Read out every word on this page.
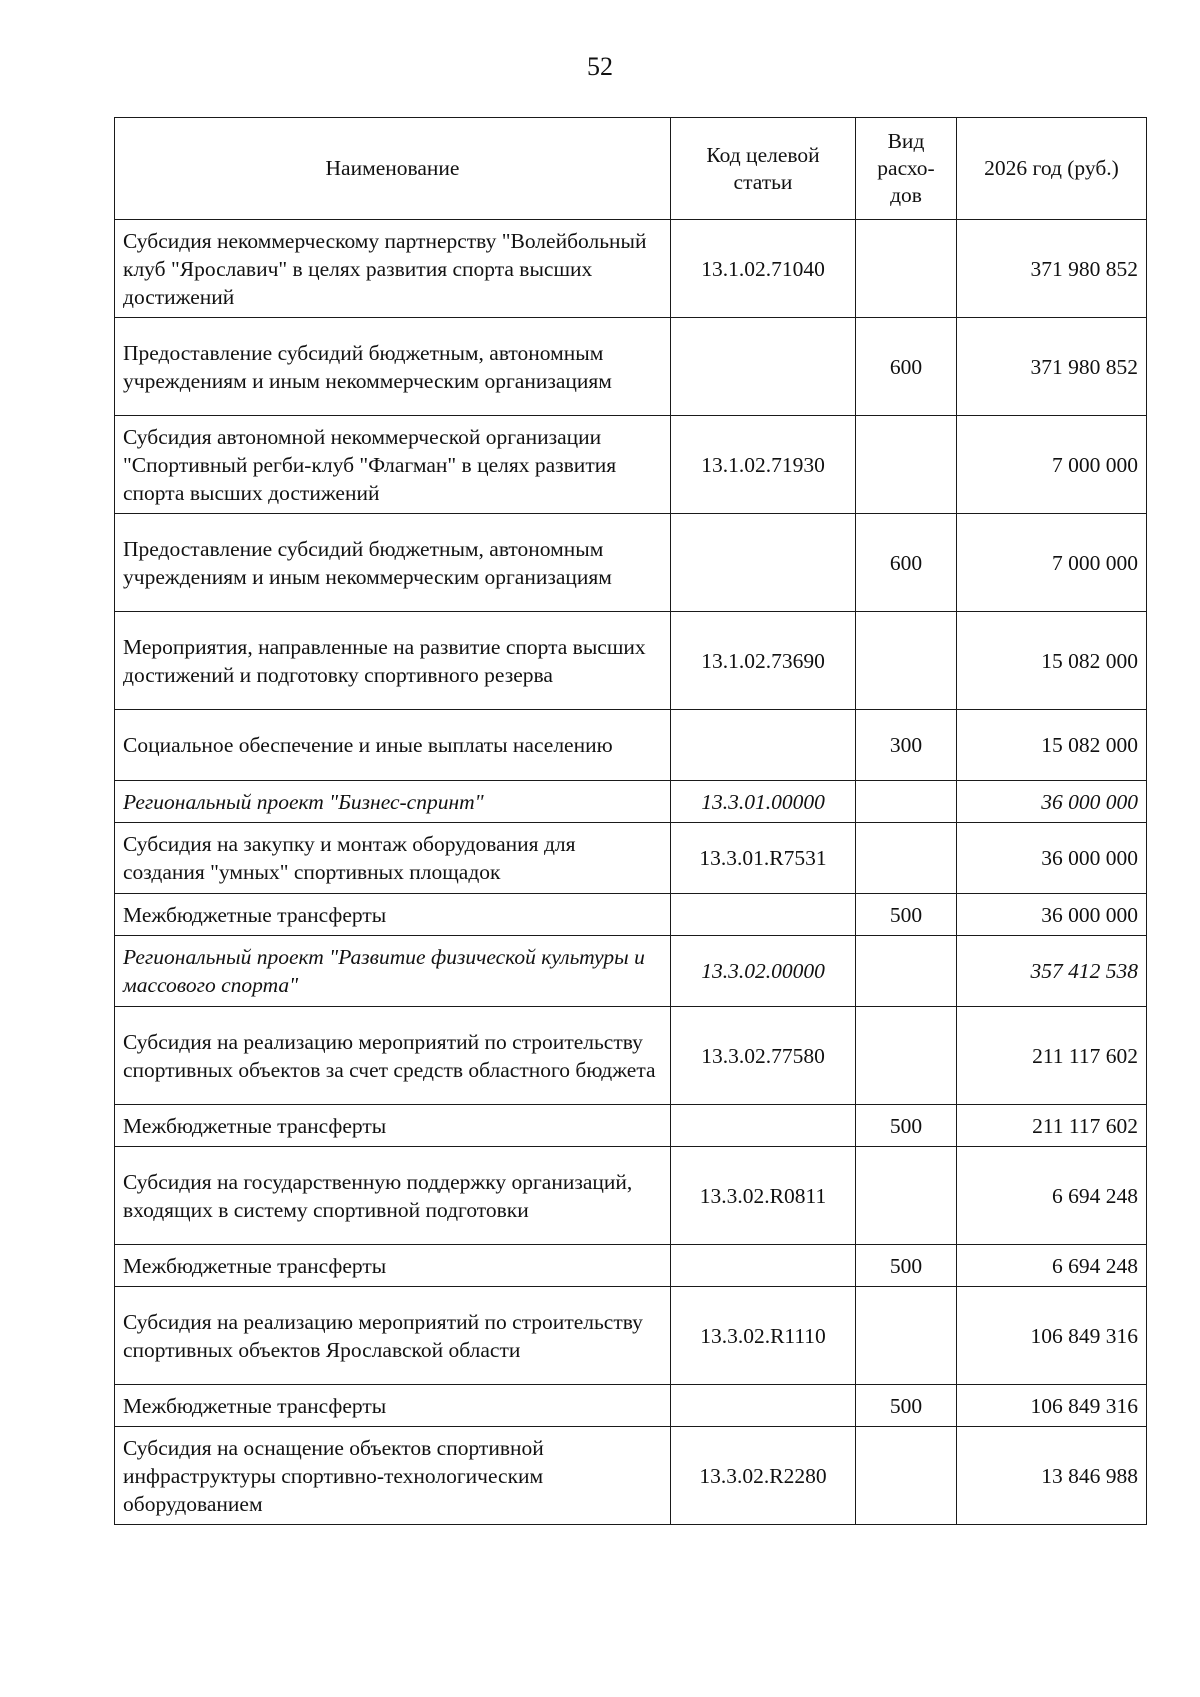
52
Наименование	Код целевой статьи	Вид расхо- дов	2026 год (руб.)
Субсидия некоммерческому партнерству "Волейбольный клуб "Ярославич" в целях развития спорта высших достижений	13.1.02.71040		371 980 852
Предоставление субсидий бюджетным, автономным учреждениям и иным некоммерческим организациям		600	371 980 852
Субсидия автономной некоммерческой организации "Спортивный регби-клуб "Флагман" в целях развития спорта высших достижений	13.1.02.71930		7 000 000
Предоставление субсидий бюджетным, автономным учреждениям и иным некоммерческим организациям		600	7 000 000
Мероприятия, направленные на развитие спорта высших достижений и подготовку спортивного резерва	13.1.02.73690		15 082 000
Социальное обеспечение и иные выплаты населению		300	15 082 000
Региональный проект "Бизнес-спринт"	13.3.01.00000		36 000 000
Субсидия на закупку и монтаж оборудования для создания "умных" спортивных площадок	13.3.01.R7531		36 000 000
Межбюджетные трансферты		500	36 000 000
Региональный проект "Развитие физической культуры и массового спорта"	13.3.02.00000		357 412 538
Субсидия на реализацию мероприятий по строительству спортивных объектов за счет средств областного бюджета	13.3.02.77580		211 117 602
Межбюджетные трансферты		500	211 117 602
Субсидия на государственную поддержку организаций, входящих в систему спортивной подготовки	13.3.02.R0811		6 694 248
Межбюджетные трансферты		500	6 694 248
Субсидия на реализацию мероприятий по строительству спортивных объектов Ярославской области	13.3.02.R1110		106 849 316
Межбюджетные трансферты		500	106 849 316
Субсидия на оснащение объектов спортивной инфраструктуры спортивно-технологическим оборудованием	13.3.02.R2280		13 846 988
